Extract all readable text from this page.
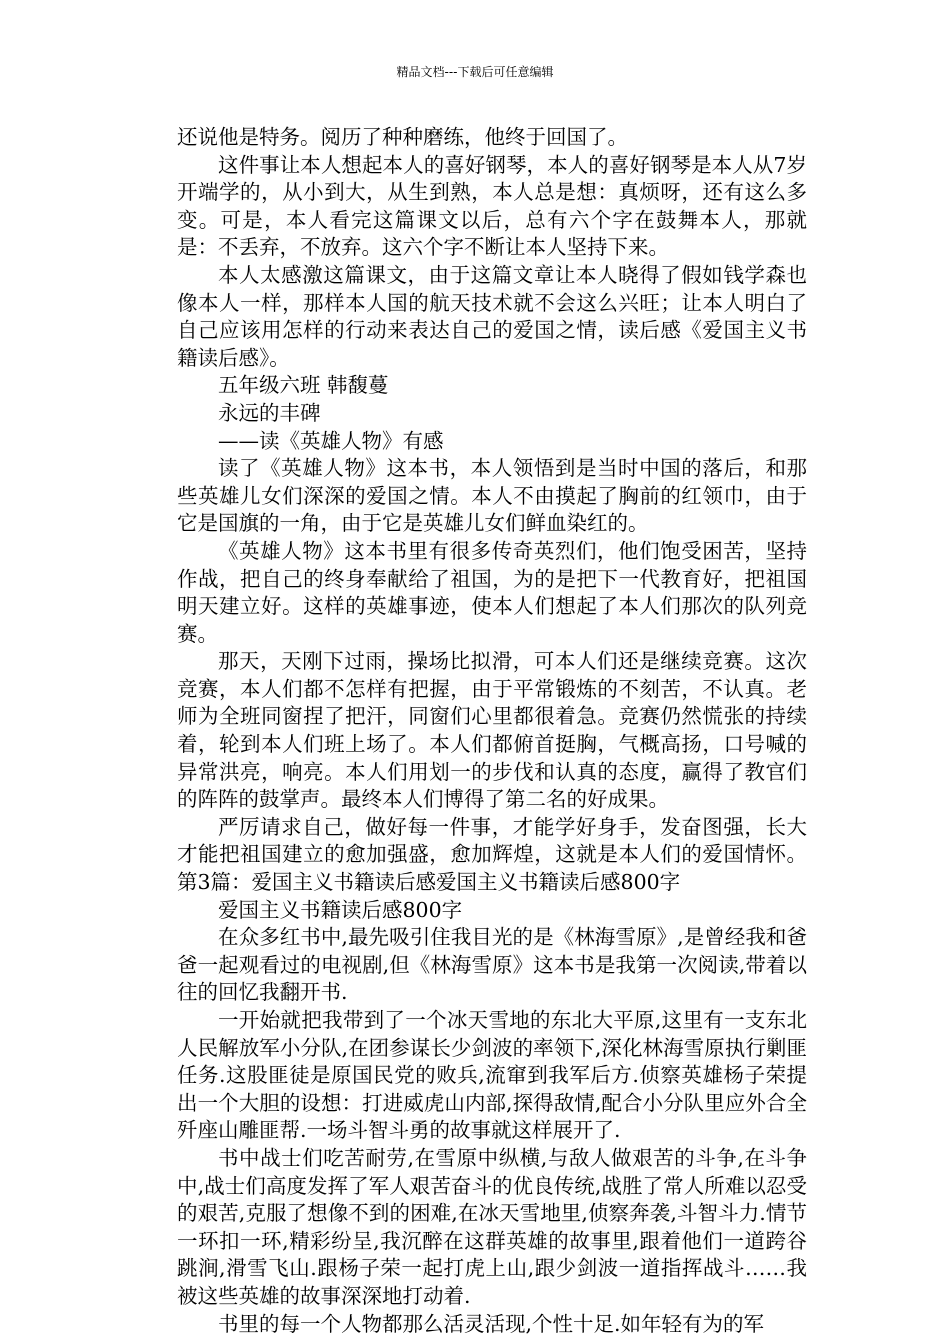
精品文档---下载后可任意编辑

还说他是特务。阅历了种种磨练，他终于回国了。

这件事让本人想起本人的喜好钢琴，本人的喜好钢琴是本人从7岁开端学的，从小到大，从生到熟，本人总是想：真烦呀，还有这么多变。可是，本人看完这篇课文以后，总有六个字在鼓舞本人，那就是：不丢弃，不放弃。这六个字不断让本人坚持下来。

本人太感激这篇课文，由于这篇文章让本人晓得了假如钱学森也像本人一样，那样本人国的航天技术就不会这么兴旺；让本人明白了自己应该用怎样的行动来表达自己的爱国之情，读后感《爱国主义书籍读后感》。

五年级六班 韩馥蔓

永远的丰碑

——读《英雄人物》有感

读了《英雄人物》这本书，本人领悟到是当时中国的落后，和那些英雄儿女们深深的爱国之情。本人不由摸起了胸前的红领巾，由于它是国旗的一角，由于它是英雄儿女们鲜血染红的。

《英雄人物》这本书里有很多传奇英烈们，他们饱受困苦，坚持作战，把自己的终身奉献给了祖国，为的是把下一代教育好，把祖国明天建立好。这样的英雄事迹，使本人们想起了本人们那次的队列竞赛。

那天，天刚下过雨，操场比拟滑，可本人们还是继续竞赛。这次竞赛，本人们都不怎样有把握，由于平常锻炼的不刻苦，不认真。老师为全班同窗捏了把汗，同窗们心里都很着急。竞赛仍然慌张的持续着，轮到本人们班上场了。本人们都俯首挺胸，气概高扬，口号喊的异常洪亮，响亮。本人们用划一的步伐和认真的态度，赢得了教官们的阵阵的鼓掌声。最终本人们博得了第二名的好成果。

严厉请求自己，做好每一件事，才能学好身手，发奋图强，长大才能把祖国建立的愈加强盛，愈加辉煌，这就是本人们的爱国情怀。第3篇：爱国主义书籍读后感爱国主义书籍读后感800字

爱国主义书籍读后感800字

在众多红书中,最先吸引住我目光的是《林海雪原》,是曾经我和爸爸一起观看过的电视剧,但《林海雪原》这本书是我第一次阅读,带着以往的回忆我翻开书.

一开始就把我带到了一个冰天雪地的东北大平原,这里有一支东北人民解放军小分队,在团参谋长少剑波的率领下,深化林海雪原执行剿匪任务.这股匪徒是原国民党的败兵,流窜到我军后方.侦察英雄杨子荣提出一个大胆的设想：打进威虎山内部,探得敌情,配合小分队里应外合全歼座山雕匪帮.一场斗智斗勇的故事就这样展开了.

书中战士们吃苦耐劳,在雪原中纵横,与敌人做艰苦的斗争,在斗争中,战士们高度发挥了军人艰苦奋斗的优良传统,战胜了常人所难以忍受的艰苦,克服了想像不到的困难,在冰天雪地里,侦察奔袭,斗智斗力.情节一环扣一环,精彩纷呈,我沉醉在这群英雄的故事里,跟着他们一道跨谷跳涧,滑雪飞山.跟杨子荣一起打虎上山,跟少剑波一道指挥战斗……我被这些英雄的故事深深地打动着.

书里的每一个人物都那么活灵活现,个性十足.如年轻有为的军
